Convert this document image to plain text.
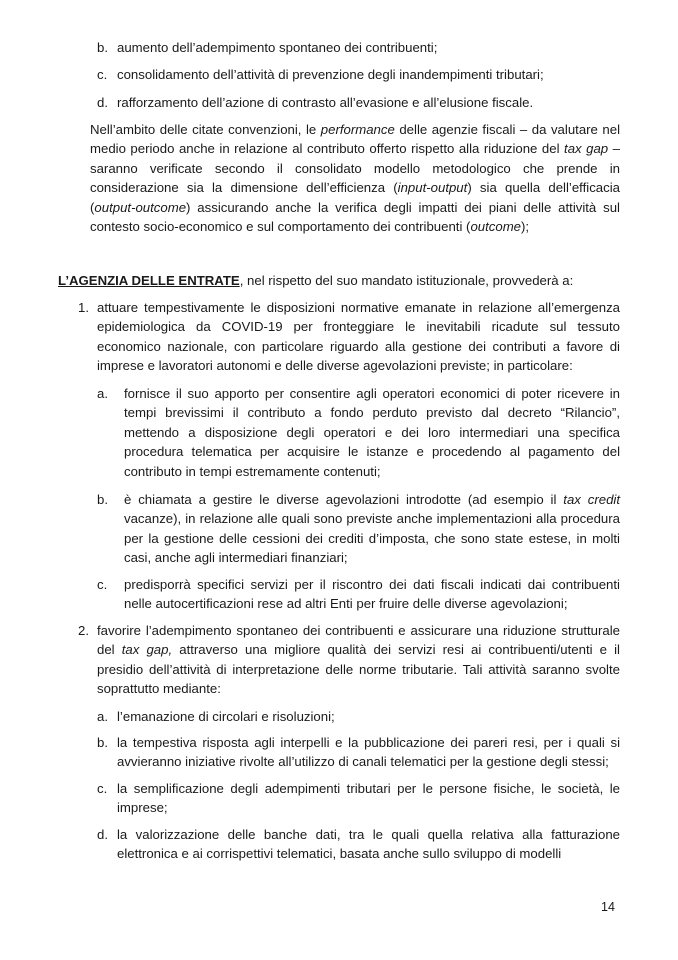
b. aumento dell’adempimento spontaneo dei contribuenti;

c. consolidamento dell’attività di prevenzione degli inandempimenti tributari;

d. rafforzamento dell’azione di contrasto all’evasione e all’elusione fiscale.

Nell’ambito delle citate convenzioni, le performance delle agenzie fiscali – da valutare nel medio periodo anche in relazione al contributo offerto rispetto alla riduzione del tax gap – saranno verificate secondo il consolidato modello metodologico che prende in considerazione sia la dimensione dell’efficienza (input-output) sia quella dell’efficacia (output-outcome) assicurando anche la verifica degli impatti dei piani delle attività sul contesto socio-economico e sul comportamento dei contribuenti (outcome);

L’AGENZIA DELLE ENTRATE, nel rispetto del suo mandato istituzionale, provvederà a:

1. attuare tempestivamente le disposizioni normative emanate in relazione all’emergenza epidemiologica da COVID-19 per fronteggiare le inevitabili ricadute sul tessuto economico nazionale, con particolare riguardo alla gestione dei contributi a favore di imprese e lavoratori autonomi e delle diverse agevolazioni previste; in particolare:

a. fornisce il suo apporto per consentire agli operatori economici di poter ricevere in tempi brevissimi il contributo a fondo perduto previsto dal decreto “Rilancio”, mettendo a disposizione degli operatori e dei loro intermediari una specifica procedura telematica per acquisire le istanze e procedendo al pagamento del contributo in tempi estremamente contenuti;

b. è chiamata a gestire le diverse agevolazioni introdotte (ad esempio il tax credit vacanze), in relazione alle quali sono previste anche implementazioni alla procedura per la gestione delle cessioni dei crediti d’imposta, che sono state estese, in molti casi, anche agli intermediari finanziari;

c. predisporrà specifici servizi per il riscontro dei dati fiscali indicati dai contribuenti nelle autocertificazioni rese ad altri Enti per fruire delle diverse agevolazioni;

2. favorire l’adempimento spontaneo dei contribuenti e assicurare una riduzione strutturale del tax gap, attraverso una migliore qualità dei servizi resi ai contribuenti/utenti e il presidio dell’attività di interpretazione delle norme tributarie. Tali attività saranno svolte soprattutto mediante:

a. l’emanazione di circolari e risoluzioni;

b. la tempestiva risposta agli interpelli e la pubblicazione dei pareri resi, per i quali si avvieranno iniziative rivolte all’utilizzo di canali telematici per la gestione degli stessi;

c. la semplificazione degli adempimenti tributari per le persone fisiche, le società, le imprese;

d. la valorizzazione delle banche dati, tra le quali quella relativa alla fatturazione elettronica e ai corrispettivi telematici, basata anche sullo sviluppo di modelli

14
